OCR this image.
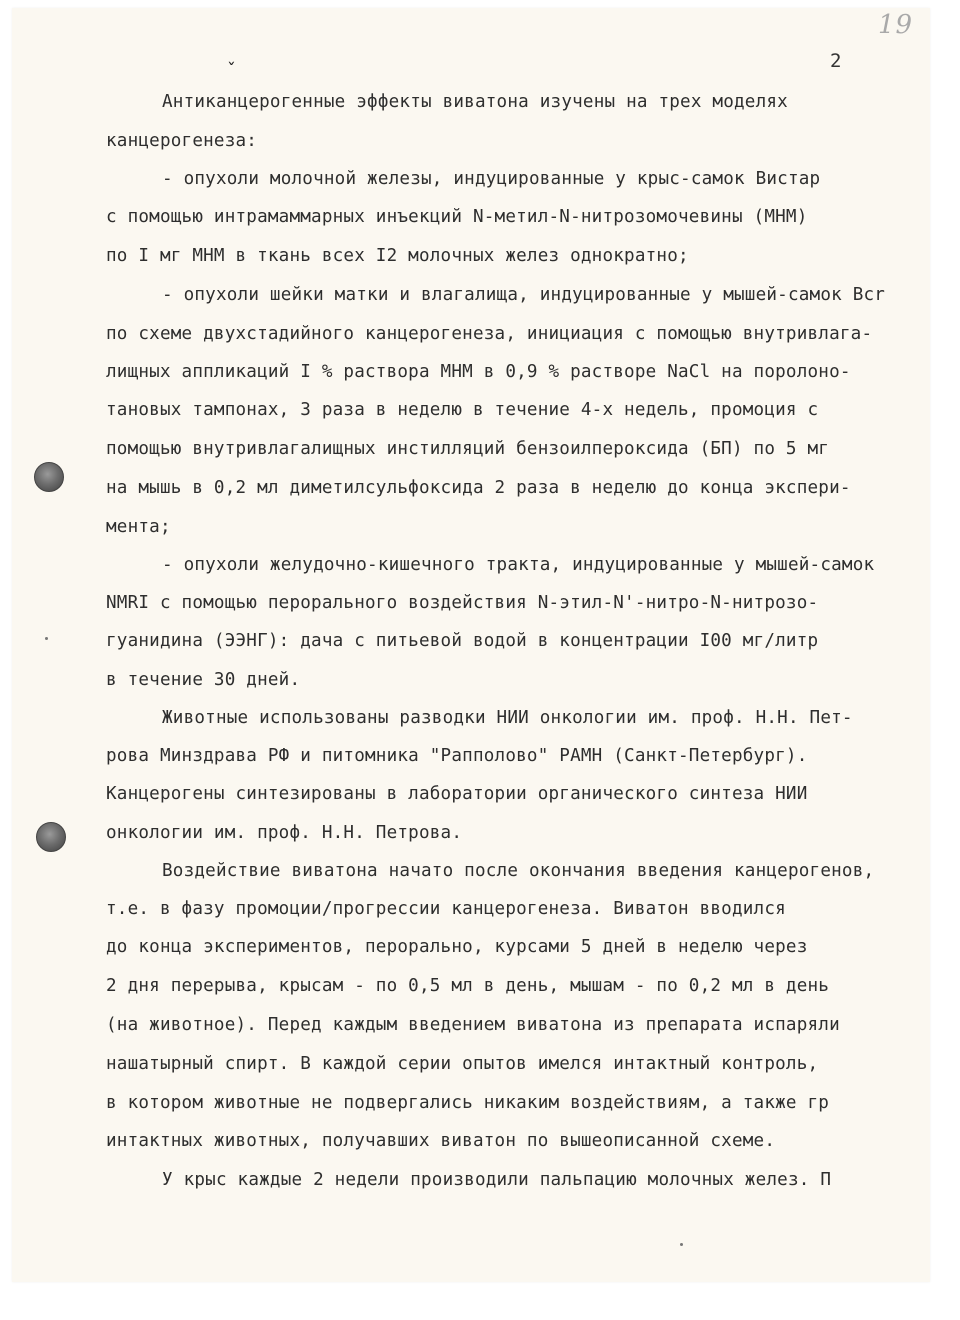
19
2
ˇ
Антиканцерогенные эффекты виватона изучены на трех моделях
канцерогенеза:
- опухоли молочной железы, индуцированные у крыс-самок Вистар
с помощью интрамаммарных инъекций N-метил-N-нитрозомочевины (МНМ)
по I мг МНМ в ткань всех I2 молочных желез однократно;
- опухоли шейки матки и влагалища, индуцированные у мышей-самок Bcr
по схеме двухстадийного канцерогенеза, инициация с помощью внутривлага-
лищных аппликаций I % раствора МНМ в 0,9 % растворе NaCl на поролоно-
тановых тампонах, 3 раза в неделю в течение 4-х недель, промоция с
помощью внутривлагалищных инстилляций бензоилпероксида (БП) по 5 мг
на мышь в 0,2 мл диметилсульфоксида 2 раза в неделю до конца экспери-
мента;
- опухоли желудочно-кишечного тракта, индуцированные у мышей-самок
NMRI с помощью перорального воздействия N-этил-N'-нитро-N-нитрозо-
гуанидина (ЭЭНГ): дача с питьевой водой в концентрации I00 мг/литр
в течение 30 дней.
Животные использованы разводки НИИ онкологии им. проф. Н.Н. Пет-
рова Минздрава РФ и питомника "Рапполово" РАМН (Санкт-Петербург).
Канцерогены синтезированы в лаборатории органического синтеза НИИ
онкологии им. проф. Н.Н. Петрова.
Воздействие виватона начато после окончания введения канцерогенов,
т.е. в фазу промоции/прогрессии канцерогенеза. Виватон вводился
до конца экспериментов, перорально, курсами 5 дней в неделю через
2 дня перерыва, крысам - по 0,5 мл в день, мышам - по 0,2 мл в день
(на животное). Перед каждым введением виватона из препарата испаряли
нашатырный спирт. В каждой серии опытов имелся интактный контроль,
в котором животные не подвергались никаким воздействиям, а также гр
интактных животных, получавших виватон по вышеописанной схеме.
У крыс каждые 2 недели производили пальпацию молочных желез. П
